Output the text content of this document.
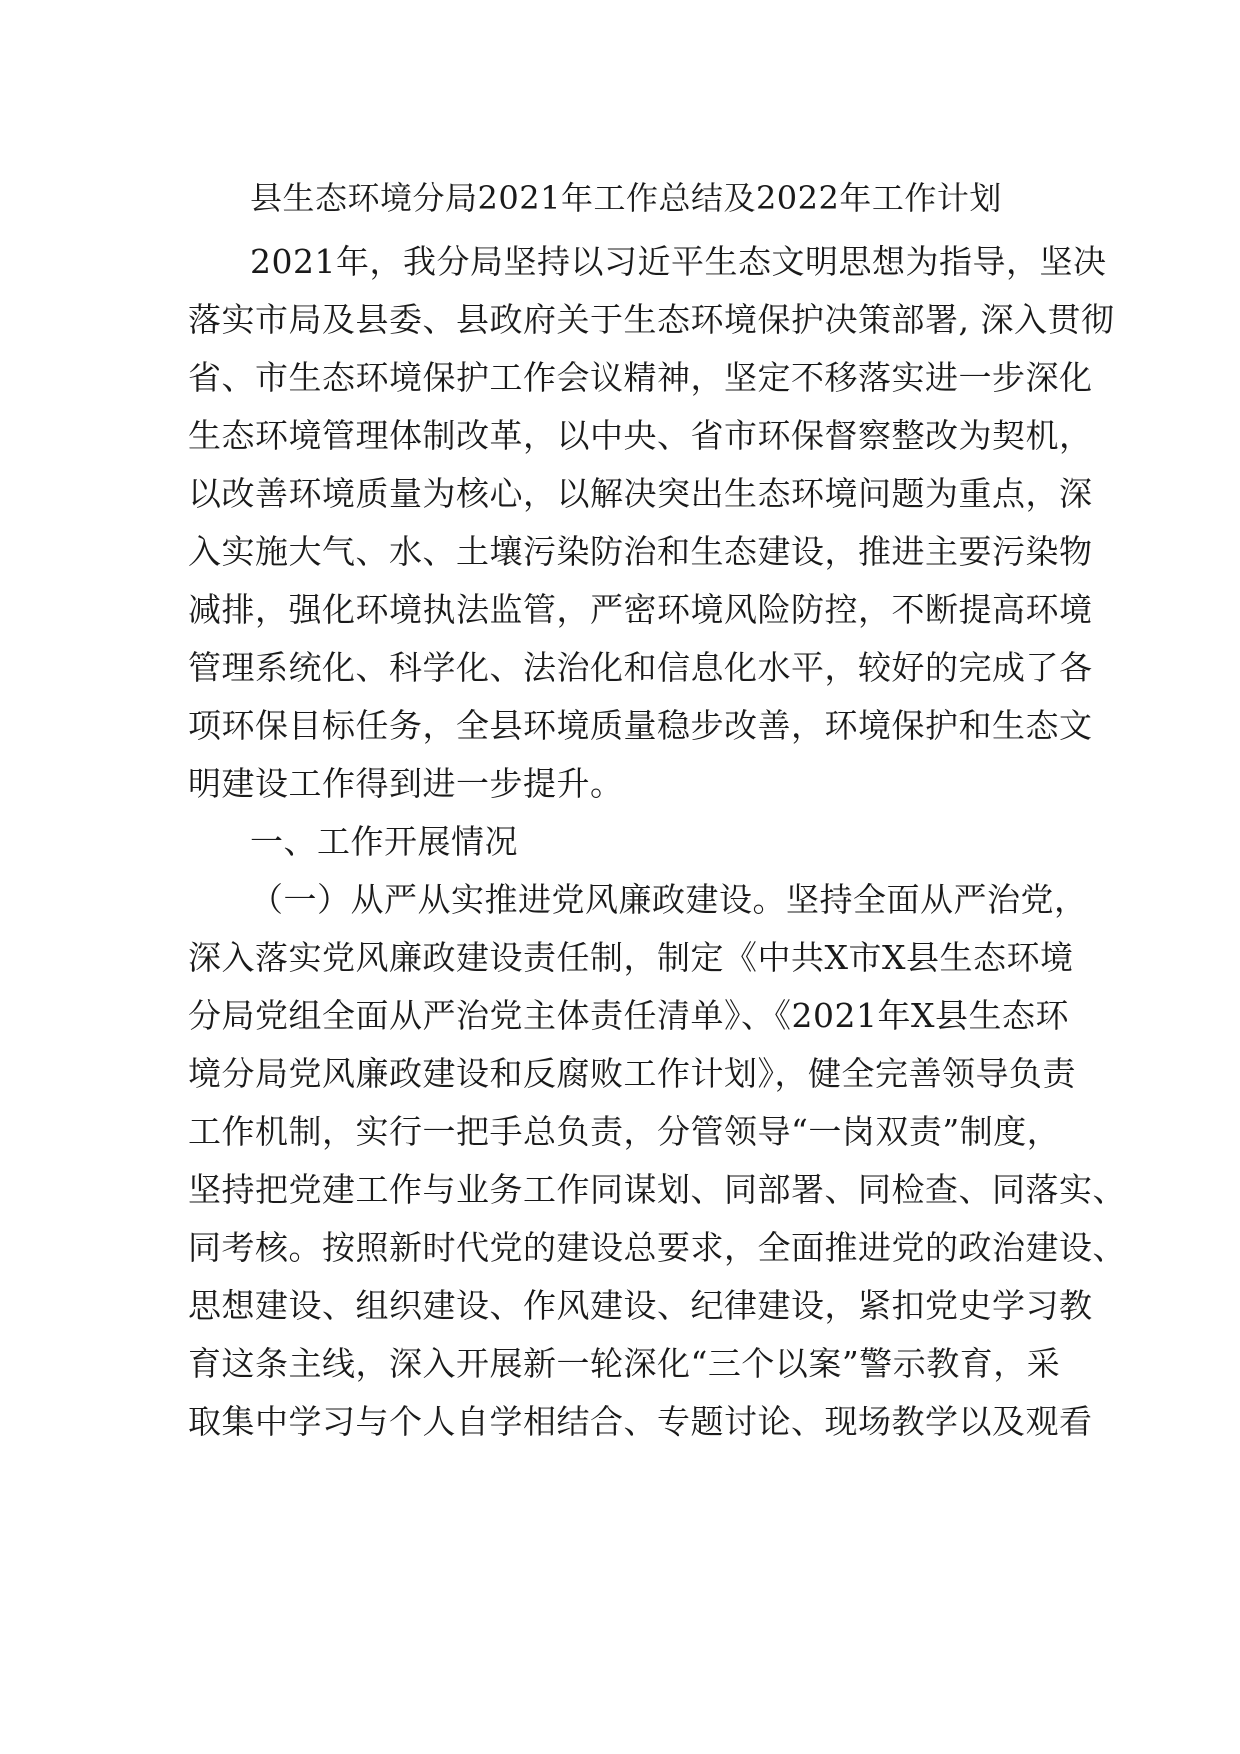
县生态环境分局2021年工作总结及2022年工作计划
2021年，我分局坚持以习近平生态文明思想为指导，坚决
落实市局及县委、县政府关于生态环境保护决策部署, 深入贯彻
省、市生态环境保护工作会议精神，坚定不移落实进一步深化
生态环境管理体制改革，以中央、省市环保督察整改为契机，
以改善环境质量为核心，以解决突出生态环境问题为重点，深
入实施大气、水、土壤污染防治和生态建设，推进主要污染物
减排，强化环境执法监管，严密环境风险防控，不断提高环境
管理系统化、科学化、法治化和信息化水平，较好的完成了各
项环保目标任务，全县环境质量稳步改善，环境保护和生态文
明建设工作得到进一步提升。
一、工作开展情况
（一）从严从实推进党风廉政建设。坚持全面从严治党，
深入落实党风廉政建设责任制，制定《中共X市X县生态环境
分局党组全面从严治党主体责任清单》、《2021年X县生态环
境分局党风廉政建设和反腐败工作计划》，健全完善领导负责
工作机制，实行一把手总负责，分管领导“一岗双责”制度，
坚持把党建工作与业务工作同谋划、同部署、同检查、同落实、
同考核。按照新时代党的建设总要求，全面推进党的政治建设、
思想建设、组织建设、作风建设、纪律建设，紧扣党史学习教
育这条主线，深入开展新一轮深化“三个以案”警示教育，采
取集中学习与个人自学相结合、专题讨论、现场教学以及观看
